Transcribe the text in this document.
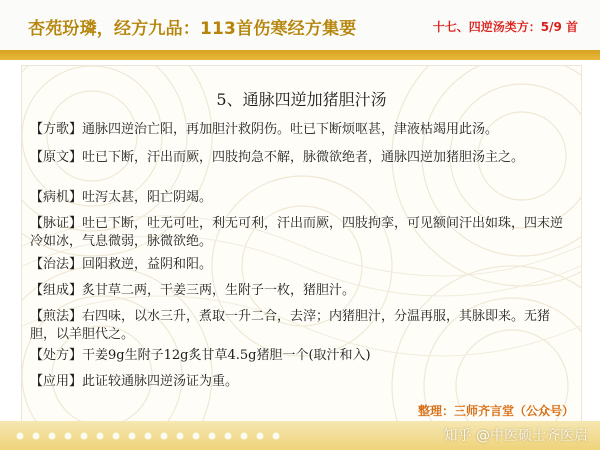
杏苑玢璘，经方九品：113首伤寒经方集要	十七、四逆汤类方：5/9 首
5、通脉四逆加猪胆汁汤
【方歌】通脉四逆治亡阳，再加胆汁救阴伤。吐已下断烦呕甚，津液枯竭用此汤。
【原文】吐已下断，汗出而厥，四肢拘急不解，脉微欲绝者，通脉四逆加猪胆汤主之。
【病机】吐泻太甚，阳亡阴竭。
【脉证】吐已下断，吐无可吐，利无可利，汗出而厥，四肢拘挛，可见额间汗出如珠，四末逆冷如冰，气息微弱，脉微欲绝。
【治法】回阳救逆，益阴和阳。
【组成】炙甘草二两，干姜三两，生附子一枚，猪胆汁。
【煎法】右四味，以水三升，煮取一升二合，去滓；内猪胆汁，分温再服，其脉即来。无猪胆，以羊胆代之。
【处方】干姜9g生附子12g炙甘草4.5g猪胆一个(取汁和入)
【应用】此证较通脉四逆汤证为重。
整理：三师齐言堂（公众号）
知乎 @中医硕士齐医启
